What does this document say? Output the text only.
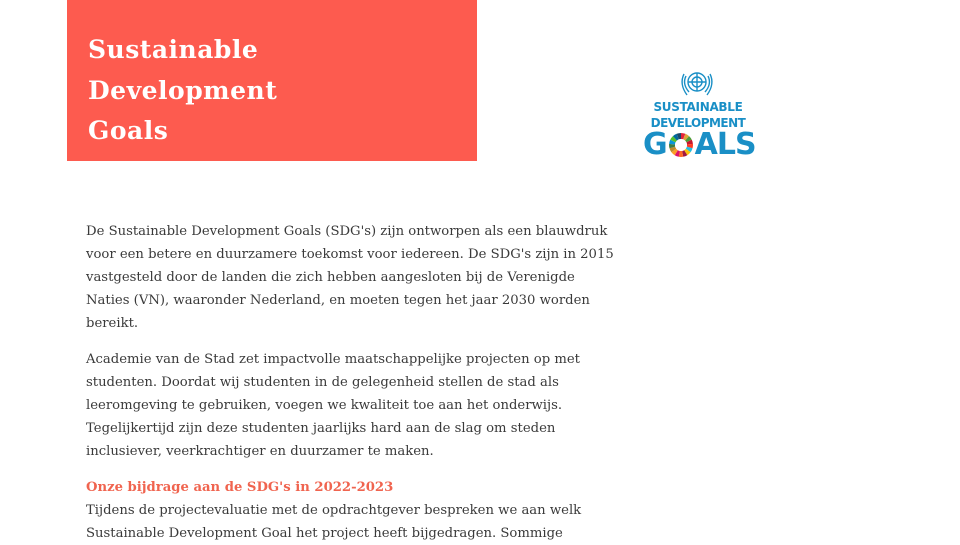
Sustainable
Development
Goals
SUSTAINABLE
DEVELOPMENT
G ALS

De Sustainable Development Goals (SDG's) zijn ontworpen als een blauwdruk voor een betere en duurzamere toekomst voor iedereen. De SDG's zijn in 2015 vastgesteld door de landen die zich hebben aangesloten bij de Verenigde Naties (VN), waaronder Nederland, en moeten tegen het jaar 2030 worden bereikt.

Academie van de Stad zet impactvolle maatschappelijke projecten op met studenten. Doordat wij studenten in de gelegenheid stellen de stad als leeromgeving te gebruiken, voegen we kwaliteit toe aan het onderwijs. Tegelijkertijd zijn deze studenten jaarlijks hard aan de slag om steden inclusiever, veerkrachtiger en duurzamer te maken.

Onze bijdrage aan de SDG's in 2022-2023

Tijdens de projectevaluatie met de opdrachtgever bespreken we aan welk Sustainable Development Goal het project heeft bijgedragen. Sommige
